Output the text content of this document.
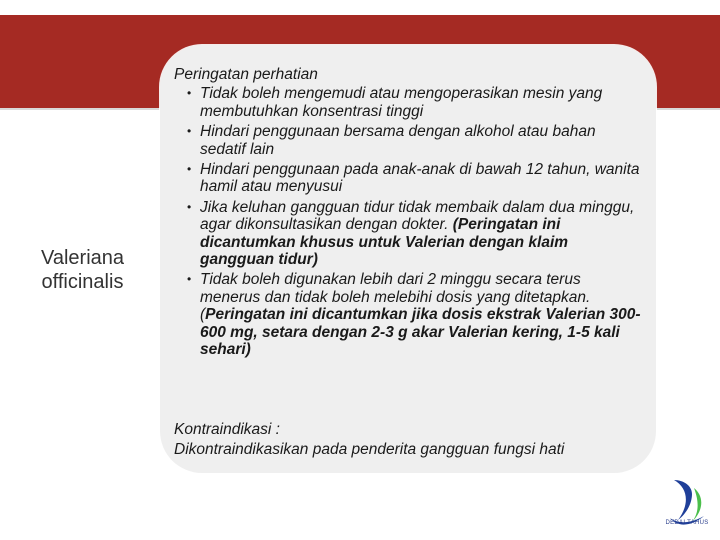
Valeriana
officinalis
Peringatan perhatian
• Tidak boleh mengemudi atau mengoperasikan mesin yang membutuhkan konsentrasi tinggi
• Hindari penggunaan bersama dengan alkohol atau bahan sedatif lain
• Hindari penggunaan pada anak-anak di bawah 12 tahun, wanita hamil atau menyusui
• Jika keluhan gangguan tidur tidak membaik dalam dua minggu, agar dikonsultasikan dengan dokter. (Peringatan ini dicantumkan khusus untuk Valerian dengan klaim gangguan tidur)
• Tidak boleh digunakan lebih dari 2 minggu secara terus menerus dan tidak boleh melebihi dosis yang ditetapkan. (Peringatan ini dicantumkan jika dosis ekstrak Valerian 300-600 mg, setara dengan 2-3 g akar Valerian kering, 1-5 kali sehari)
Kontraindikasi :
Dikontraindikasikan pada penderita gangguan fungsi hati
DEDAI TAHUS
